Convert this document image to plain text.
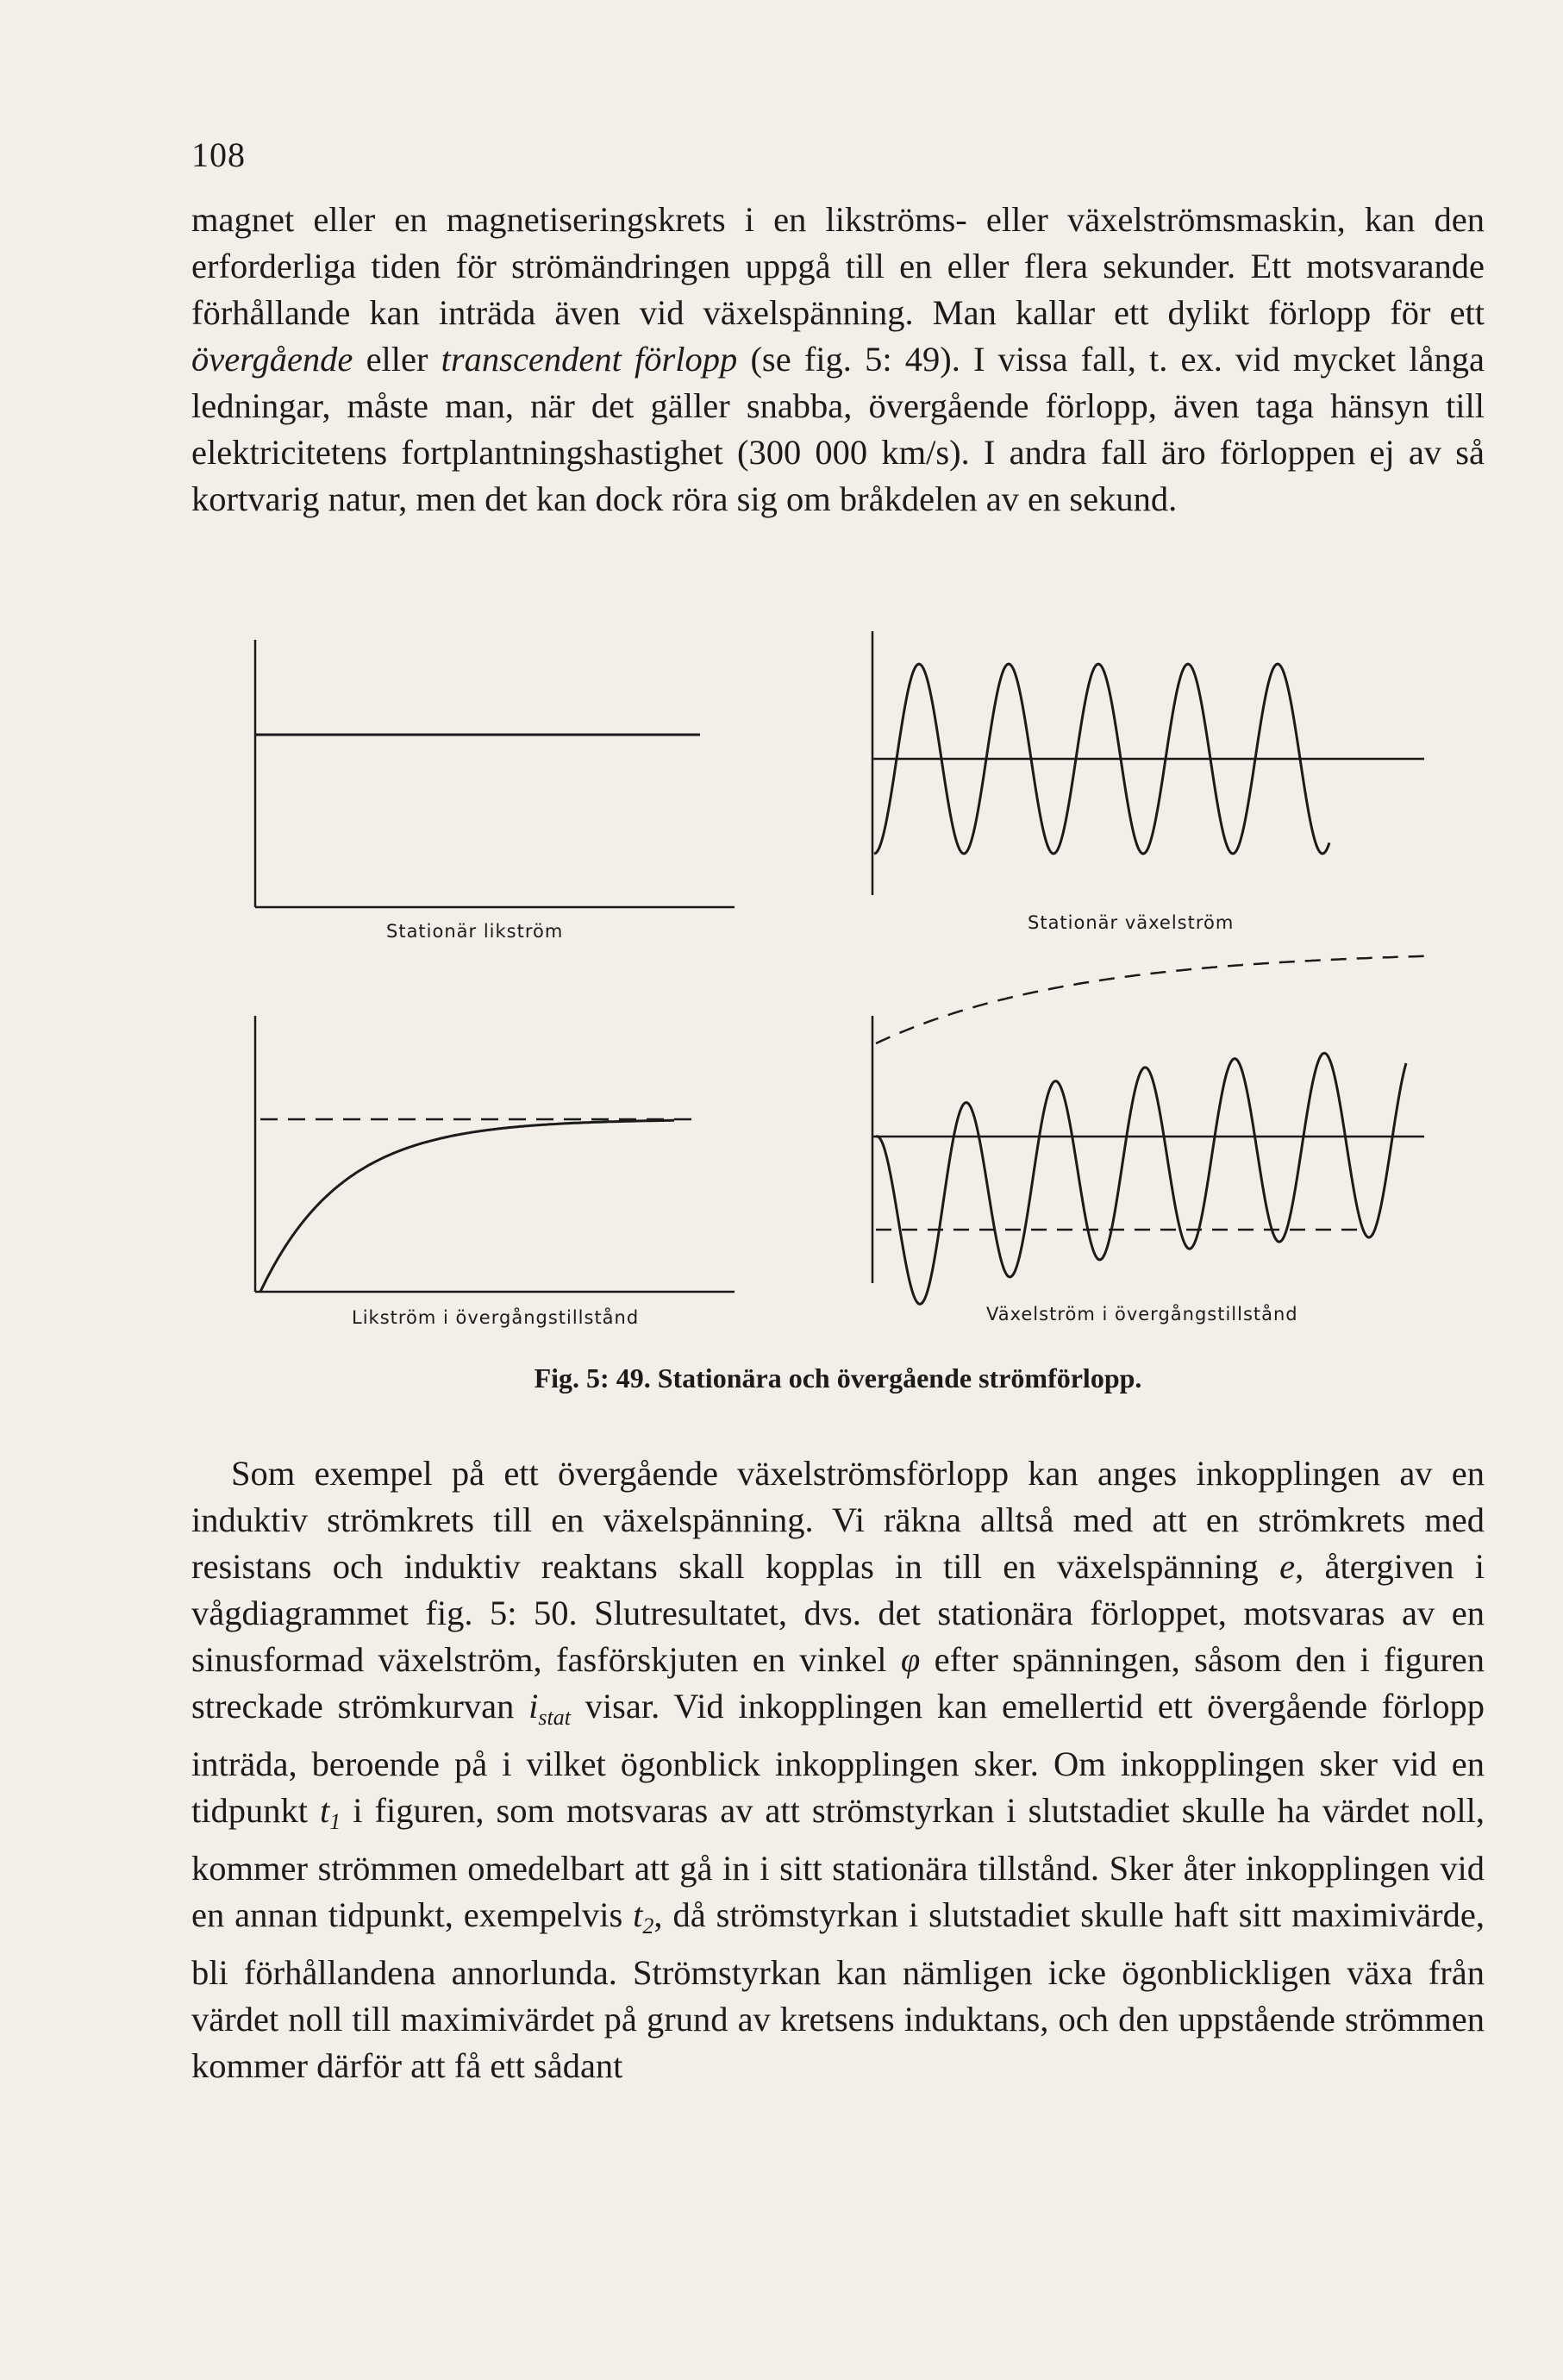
108

magnet eller en magnetiseringskrets i en likströms- eller växelströmsmaskin, kan den erforderliga tiden för strömändringen uppgå till en eller flera sekunder. Ett motsvarande förhållande kan inträda även vid växelspänning. Man kallar ett dylikt förlopp för ett övergående eller transcendent förlopp (se fig. 5: 49). I vissa fall, t. ex. vid mycket långa ledningar, måste man, när det gäller snabba, övergående förlopp, även taga hänsyn till elektricitetens fortplantningshastighet (300 000 km/s). I andra fall äro förloppen ej av så kortvarig natur, men det kan dock röra sig om bråkdelen av en sekund.

Stationär likström	Stationär växelström
Likström i övergångstillstånd	Växelström i övergångstillstånd
Fig. 5: 49. Stationära och övergående strömförlopp.

Som exempel på ett övergående växelströmsförlopp kan anges inkopplingen av en induktiv strömkrets till en växelspänning. Vi räkna alltså med att en strömkrets med resistans och induktiv reaktans skall kopplas in till en växelspänning e, återgiven i vågdiagrammet fig. 5: 50. Slutresultatet, dvs. det stationära förloppet, motsvaras av en sinusformad växelström, fasförskjuten en vinkel φ efter spänningen, såsom den i figuren streckade strömkurvan $i_{stat}$ visar. Vid inkopplingen kan emellertid ett övergående förlopp inträda, beroende på i vilket ögonblick inkopplingen sker. Om inkopplingen sker vid en tidpunkt $t_1$ i figuren, som motsvaras av att strömstyrkan i slutstadiet skulle ha värdet noll, kommer strömmen omedelbart att gå in i sitt stationära tillstånd. Sker åter inkopplingen vid en annan tidpunkt, exempelvis $t_2$, då strömstyrkan i slutstadiet skulle haft sitt maximivärde, bli förhållandena annorlunda. Strömstyrkan kan nämligen icke ögonblickligen växa från värdet noll till maximivärdet på grund av kretsens induktans, och den uppstående strömmen kommer därför att få ett sådant
